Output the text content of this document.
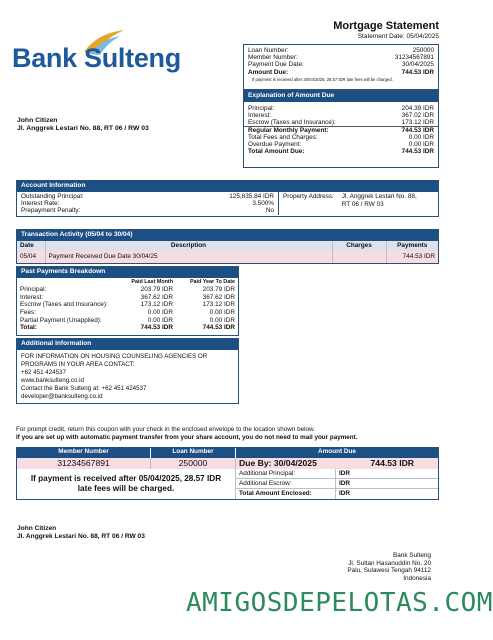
Bank Sulteng
Mortgage Statement
Statement Date: 05/04/2025
Loan Number:	250000
Member Number:	31234567891
Payment Due Date:	30/04/2025
Amount Due:	744.53 IDR
If payment is received after 30/04/2025, 28.57 IDR late fees will be charged.
Explanation of Amount Due
Principal:	204.39 IDR
Interest:	367.02 IDR
Escrow (Taxes and Insurance):	173.12 IDR
Regular Monthly Payment:	744.53 IDR
Total Fees and Charges:	0.00 IDR
Overdue Payment:	0.00 IDR
Total Amount Due:	744.53 IDR
John Citizen
Jl. Anggrek Lestari No. 88, RT 06 / RW 03
Account Information
Outstanding Principal:	125,835.84 IDR
Interest Rate:	3.500%
Prepayment Penalty:	No
Property Address: Jl. Anggrek Lestari No. 88, RT 06 / RW 03
Transaction Activity (05/04 to 30/04)
Date	Description	Charges	Payments
05/04	Payment Received Due Date 30/04/25		744.53 IDR
Past Payments Breakdown
	Paid Last Month	Paid Year To Date
Principal:	203.79 IDR	203.79 IDR
Interest:	367.62 IDR	367.62 IDR
Escrow (Taxes and Insurance):	173.12 IDR	173.12 IDR
Fees:	0.00 IDR	0.00 IDR
Partial Payment (Unapplied):	0.00 IDR	0.00 IDR
Total:	744.53 IDR	744.53 IDR
Additional Information
FOR INFORMATION ON HOUSING COUNSELING AGENCIES OR PROGRAMS IN YOUR AREA CONTACT:
+62 451 424537
www.banksulteng.co.id
Contact the Bank Sulteng at: +62 451 424537
developer@banksulteng.co.id
For prompt credit, return this coupon with your check in the enclosed envelope to the location shown below.
If you are set up with automatic payment transfer from your share account, you do not need to mail your payment.
Member Number	Loan Number	Amount Due
31234567891	250000	Due By: 30/04/2025	744.53 IDR
If payment is received after 05/04/2025, 28.57 IDR late fees will be charged.
Additional Principal:	IDR
Additional Escrow:	IDR
Total Amount Enclosed:	IDR
John Citizen
Jl. Anggrek Lestari No. 88, RT 06 / RW 03
Bank Sulteng
Jl. Sultan Hasanuddin No. 20
Palu, Sulawesi Tengah 94112
Indonesia
AMIGOSDEPELOTAS.COM
